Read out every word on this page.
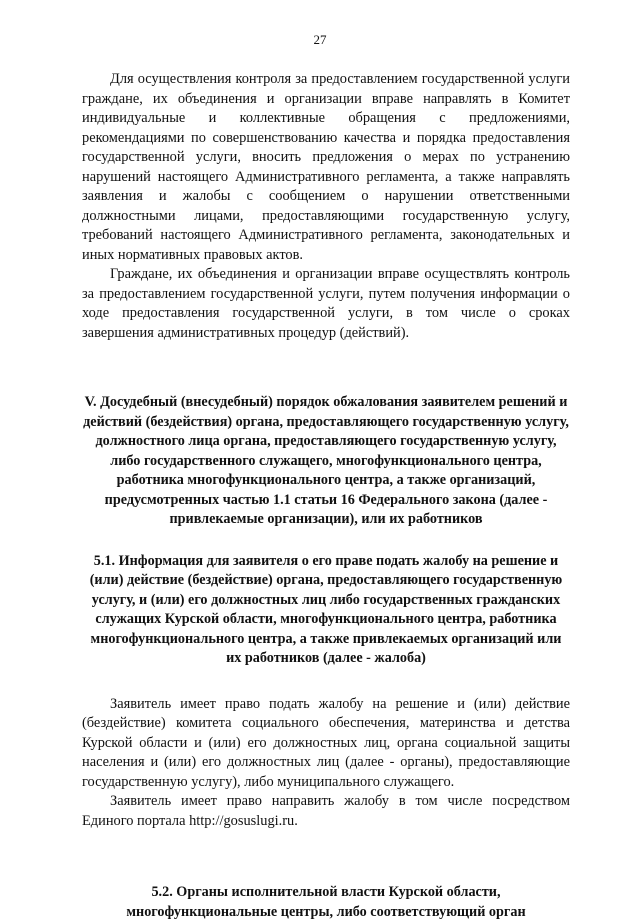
27

Для осуществления контроля за предоставлением государственной услуги граждане, их объединения и организации вправе направлять в Комитет индивидуальные и коллективные обращения с предложениями, рекомендациями по совершенствованию качества и порядка предоставления государственной услуги, вносить предложения о мерах по устранению нарушений настоящего Административного регламента, а также направлять заявления и жалобы с сообщением о нарушении ответственными должностными лицами, предоставляющими государственную услугу, требований настоящего Административного регламента, законодательных и иных нормативных правовых актов.

Граждане, их объединения и организации вправе осуществлять контроль за предоставлением государственной услуги, путем получения информации о ходе предоставления государственной услуги, в том числе о сроках завершения административных процедур (действий).

V. Досудебный (внесудебный) порядок обжалования заявителем решений и действий (бездействия) органа, предоставляющего государственную услугу, должностного лица органа, предоставляющего государственную услугу, либо государственного служащего, многофункционального центра, работника многофункционального центра, а также организаций, предусмотренных частью 1.1 статьи 16 Федерального закона (далее - привлекаемые организации), или их работников
5.1. Информация для заявителя о его праве подать жалобу на решение и (или) действие (бездействие) органа, предоставляющего государственную услугу, и (или) его должностных лиц либо государственных гражданских служащих Курской области, многофункционального центра, работника многофункционального центра, а также привлекаемых организаций или их работников (далее - жалоба)

Заявитель имеет право подать жалобу на решение и (или) действие (бездействие) комитета социального обеспечения, материнства и детства Курской области и (или) его должностных лиц, органа социальной защиты населения и (или) его должностных лиц (далее - органы), предоставляющие государственную услугу), либо муниципального служащего.

Заявитель имеет право направить жалобу в том числе посредством Единого портала http://gosuslugi.ru.

5.2. Органы исполнительной власти Курской области, многофункциональные центры, либо соответствующий орган
